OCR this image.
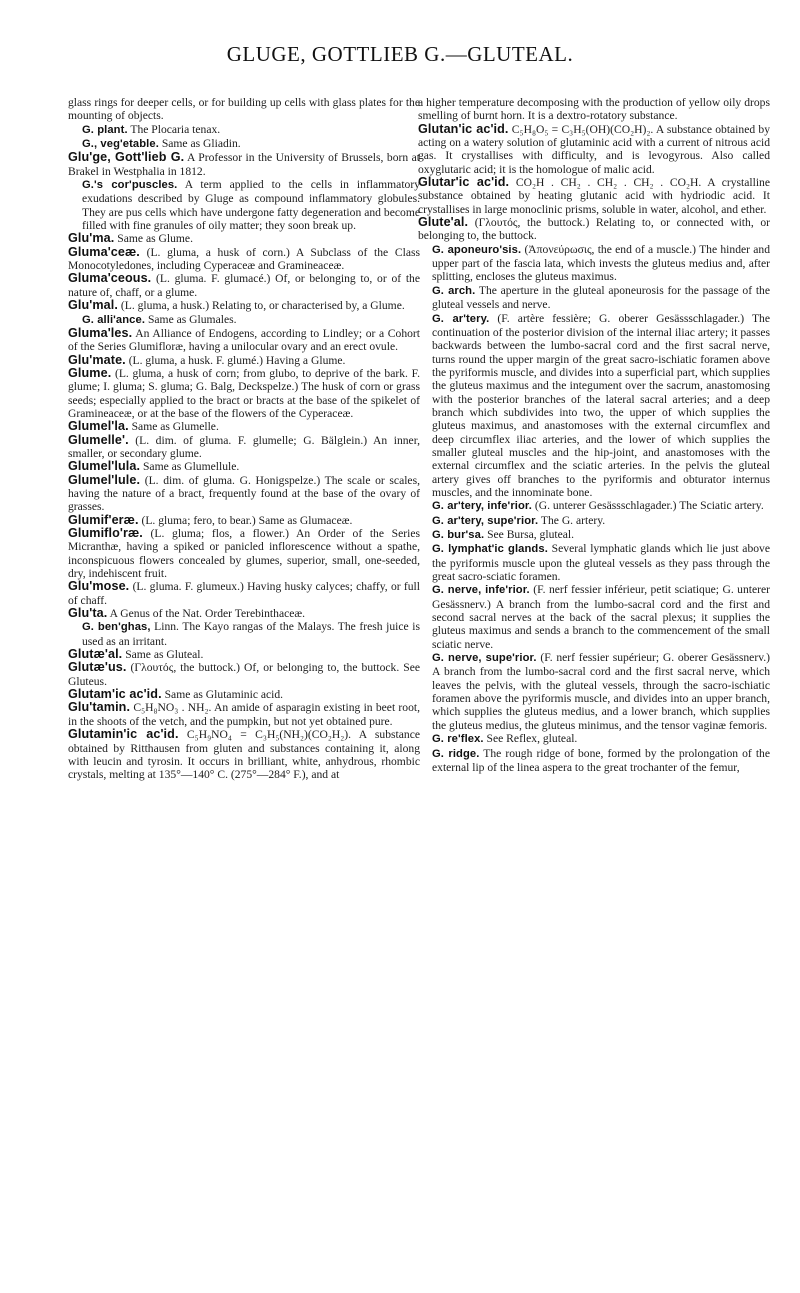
GLUGE, GOTTLIEB G.—GLUTEAL.

glass rings for deeper cells, or for building up cells with glass plates for the mounting of objects.

G. plant. The Plocaria tenax.

G., veg'etable. Same as Gliadin.

Glu'ge, Gott'lieb G. A Professor in the University of Brussels, born at Brakel in Westphalia in 1812.

G.'s cor'puscles. A term applied to the cells in inflammatory exudations described by Gluge as compound inflammatory globules. They are pus cells which have undergone fatty degeneration and become filled with fine granules of oily matter; they soon break up.

Glu'ma. Same as Glume.

Gluma'ceæ. (L. gluma, a husk of corn.) A Subclass of the Class Monocotyledones, including Cyperaceæ and Gramineaceæ.

Gluma'ceous. (L. gluma. F. glumacé.) Of, or belonging to, or of the nature of, chaff, or a glume.

Glu'mal. (L. gluma, a husk.) Relating to, or characterised by, a Glume.

G. alli'ance. Same as Glumales.

Gluma'les. An Alliance of Endogens, according to Lindley; or a Cohort of the Series Glumifloræ, having a unilocular ovary and an erect ovule.

Glu'mate. (L. gluma, a husk. F. glumé.) Having a Glume.

Glume. (L. gluma, a husk of corn; from glubo, to deprive of the bark. F. glume; I. gluma; S. gluma; G. Balg, Deckspelze.) The husk of corn or grass seeds; especially applied to the bract or bracts at the base of the spikelet of Gramineaceæ, or at the base of the flowers of the Cyperaceæ.

Glumel'la. Same as Glumelle.

Glumelle'. (L. dim. of gluma. F. glumelle; G. Bälglein.) An inner, smaller, or secondary glume.

Glumel'lula. Same as Glumellule.

Glumel'lule. (L. dim. of gluma. G. Honigspelze.) The scale or scales, having the nature of a bract, frequently found at the base of the ovary of grasses.

Glumif'eræ. (L. gluma; fero, to bear.) Same as Glumaceæ.

Glumiflo'ræ. (L. gluma; flos, a flower.) An Order of the Series Micranthæ, having a spiked or panicled inflorescence without a spathe, inconspicuous flowers concealed by glumes, superior, small, one-seeded, dry, indehiscent fruit.

Glu'mose. (L. gluma. F. glumeux.) Having husky calyces; chaffy, or full of chaff.

Glu'ta. A Genus of the Nat. Order Terebinthaceæ.

G. ben'ghas, Linn. The Kayo rangas of the Malays. The fresh juice is used as an irritant.

Glutæ'al. Same as Gluteal.

Glutæ'us. (Γλουτός, the buttock.) Of, or belonging to, the buttock. See Gluteus.

Glutam'ic ac'id. Same as Glutaminic acid.

Glu'tamin. C₅H₈NO₃ . NH₂. An amide of asparagin existing in beet root, in the shoots of the vetch, and the pumpkin, but not yet obtained pure.

Glutamin'ic ac'id. C₅H₉NO₄ = C₃H₅(NH₂)(CO₂H₂). A substance obtained by Ritthausen from gluten and substances containing it, along with leucin and tyrosin. It occurs in brilliant, white, anhydrous, rhombic crystals, melting at 135°—140° C. (275°—284° F.), and at

a higher temperature decomposing with the production of yellow oily drops smelling of burnt horn. It is a dextro-rotatory substance.

Glutan'ic ac'id. C₅H₈O₅ = C₃H₅(OH)(CO₂H)₂. A substance obtained by acting on a watery solution of glutaminic acid with a current of nitrous acid gas. It crystallises with difficulty, and is levogyrous. Also called oxyglutaric acid; it is the homologue of malic acid.

Glutar'ic ac'id. CO₂H . CH₂ . CH₂ . CH₂ . CO₂H. A crystalline substance obtained by heating glutanic acid with hydriodic acid. It crystallises in large monoclinic prisms, soluble in water, alcohol, and ether.

Glute'al. (Γλουτός, the buttock.) Relating to, or connected with, or belonging to, the buttock.

G. aponeuro'sis. (Ἀπονεύρωσις, the end of a muscle.) The hinder and upper part of the fascia lata, which invests the gluteus medius and, after splitting, encloses the gluteus maximus.

G. arch. The aperture in the gluteal aponeurosis for the passage of the gluteal vessels and nerve.

G. ar'tery. (F. artère fessière; G. oberer Gesässschlagader.) The continuation of the posterior division of the internal iliac artery; it passes backwards between the lumbo-sacral cord and the first sacral nerve, turns round the upper margin of the great sacro-ischiatic foramen above the pyriformis muscle, and divides into a superficial part, which supplies the gluteus maximus and the integument over the sacrum, anastomosing with the posterior branches of the lateral sacral arteries; and a deep branch which subdivides into two, the upper of which supplies the gluteus maximus, and anastomoses with the external circumflex and deep circumflex iliac arteries, and the lower of which supplies the smaller gluteal muscles and the hip-joint, and anastomoses with the external circumflex and the sciatic arteries. In the pelvis the gluteal artery gives off branches to the pyriformis and obturator internus muscles, and the innominate bone.

G. ar'tery, infe'rior. (G. unterer Gesässschlagader.) The Sciatic artery.

G. ar'tery, supe'rior. The G. artery.

G. bur'sa. See Bursa, gluteal.

G. lymphat'ic glands. Several lymphatic glands which lie just above the pyriformis muscle upon the gluteal vessels as they pass through the great sacro-sciatic foramen.

G. nerve, infe'rior. (F. nerf fessier inférieur, petit sciatique; G. unterer Gesässnerv.) A branch from the lumbo-sacral cord and the first and second sacral nerves at the back of the sacral plexus; it supplies the gluteus maximus and sends a branch to the commencement of the small sciatic nerve.

G. nerve, supe'rior. (F. nerf fessier supérieur; G. oberer Gesässnerv.) A branch from the lumbo-sacral cord and the first sacral nerve, which leaves the pelvis, with the gluteal vessels, through the sacro-ischiatic foramen above the pyriformis muscle, and divides into an upper branch, which supplies the gluteus medius, and a lower branch, which supplies the gluteus medius, the gluteus minimus, and the tensor vaginæ femoris.

G. re'flex. See Reflex, gluteal.

G. ridge. The rough ridge of bone, formed by the prolongation of the external lip of the linea aspera to the great trochanter of the femur,
